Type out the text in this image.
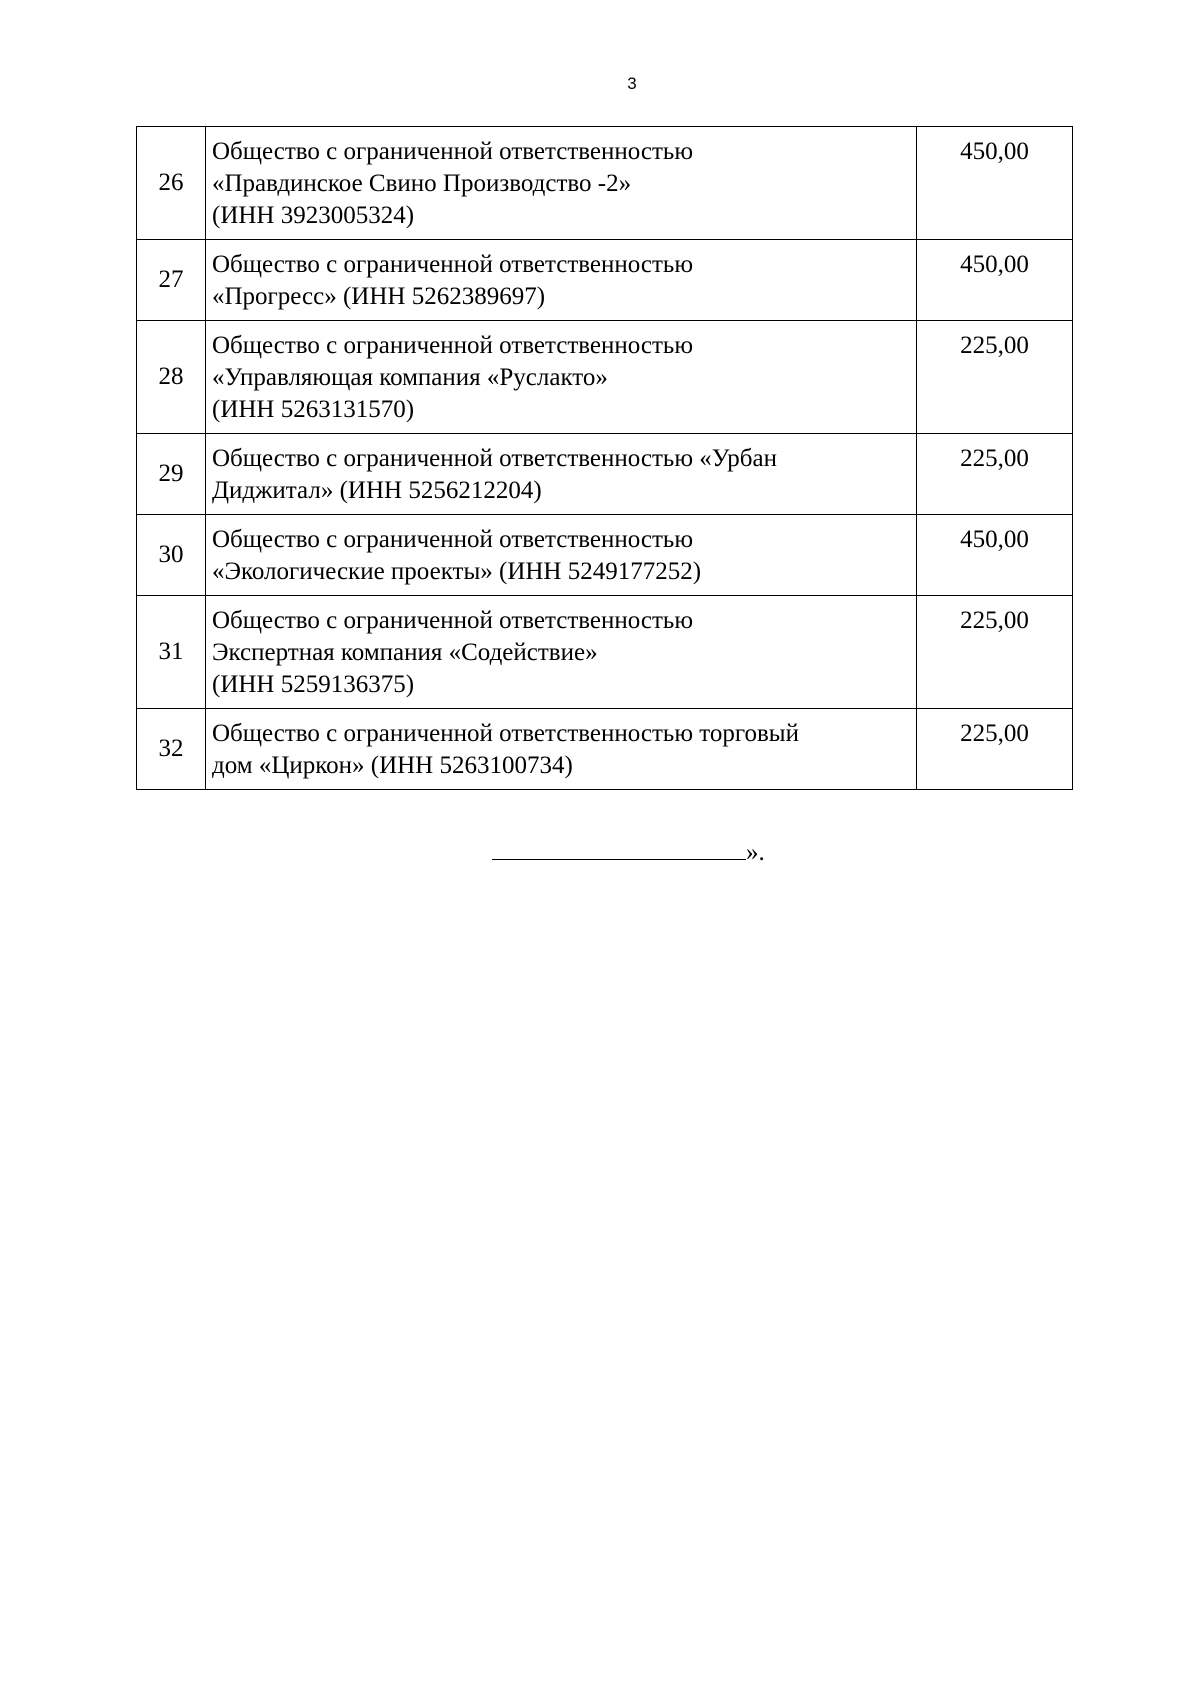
3
26	Общество с ограниченной ответственностью
«Правдинское Свино Производство -2»
(ИНН 3923005324)	450,00
27	Общество с ограниченной ответственностью
«Прогресс» (ИНН 5262389697)	450,00
28	Общество с ограниченной ответственностью
«Управляющая компания «Руслакто»
(ИНН 5263131570)	225,00
29	Общество с ограниченной ответственностью «Урбан
Диджитал» (ИНН 5256212204)	225,00
30	Общество с ограниченной ответственностью
«Экологические проекты» (ИНН 5249177252)	450,00
31	Общество с ограниченной ответственностью
Экспертная компания «Содействие»
(ИНН 5259136375)	225,00
32	Общество с ограниченной ответственностью торговый
дом «Циркон» (ИНН 5263100734)	225,00
».
